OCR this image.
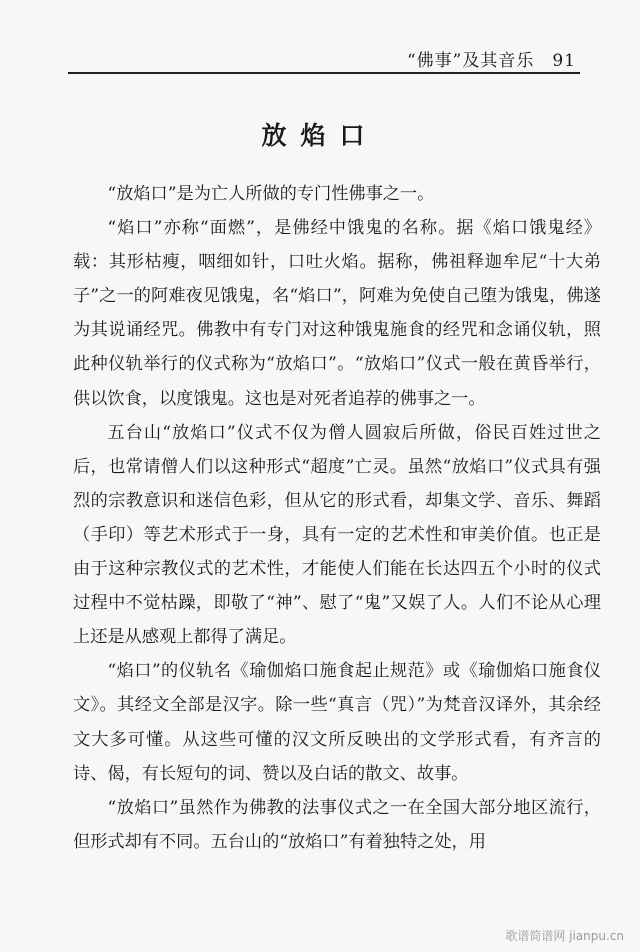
“佛事”及其音乐 91
放焰口

“放焰口”是为亡人所做的专门性佛事之一。

“焰口”亦称“面燃”，是佛经中饿鬼的名称。据《焰口饿鬼经》载：其形枯瘦，咽细如针，口吐火焰。据称，佛祖释迦牟尼“十大弟子”之一的阿难夜见饿鬼，名“焰口”，阿难为免使自己堕为饿鬼，佛遂为其说诵经咒。佛教中有专门对这种饿鬼施食的经咒和念诵仪轨，照此种仪轨举行的仪式称为“放焰口”。“放焰口”仪式一般在黄昏举行，供以饮食，以度饿鬼。这也是对死者追荐的佛事之一。

五台山“放焰口”仪式不仅为僧人圆寂后所做，俗民百姓过世之后，也常请僧人们以这种形式“超度”亡灵。虽然“放焰口”仪式具有强烈的宗教意识和迷信色彩，但从它的形式看，却集文学、音乐、舞蹈（手印）等艺术形式于一身，具有一定的艺术性和审美价值。也正是由于这种宗教仪式的艺术性，才能使人们能在长达四五个小时的仪式过程中不觉枯躁，即敬了“神”、慰了“鬼”又娱了人。人们不论从心理上还是从感观上都得了满足。

“焰口”的仪轨名《瑜伽焰口施食起止规范》或《瑜伽焰口施食仪文》。其经文全部是汉字。除一些“真言（咒）”为梵音汉译外，其余经文大多可懂。从这些可懂的汉文所反映出的文学形式看，有齐言的诗、偈，有长短句的词、赞以及白话的散文、故事。

“放焰口”虽然作为佛教的法事仪式之一在全国大部分地区流行，但形式却有不同。五台山的“放焰口”有着独特之处，用

歌谱简谱网 jianpu.cn
